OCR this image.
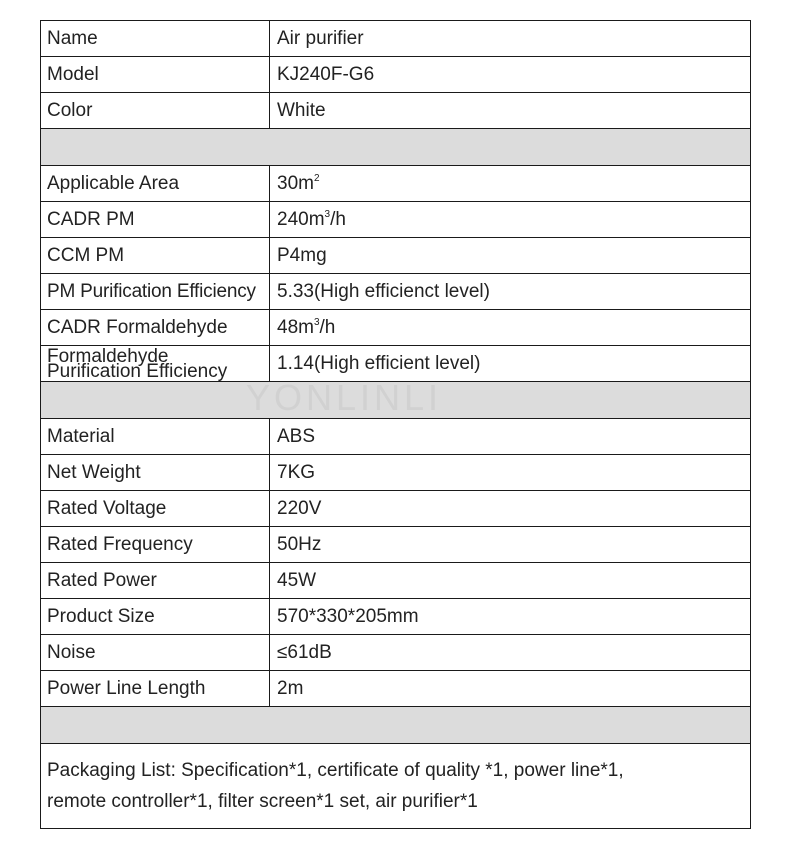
Name	Air purifier
Model	KJ240F-G6
Color	White

Applicable Area	$30m^2$
CADR PM	$240m^3/h$
CCM PM	P4mg
PM Purification Efficiency	5.33(High efficienct level)
CADR Formaldehyde	$48m^3/h$
Formaldehyde
Purification Efficiency	1.14(High efficient level)

Material	ABS
Net Weight	7KG
Rated Voltage	220V
Rated Frequency	50Hz
Rated Power	45W
Product Size	570*330*205mm
Noise	≤61dB
Power Line Length	2m

Packaging List: Specification*1, certificate of quality *1, power line*1,
remote controller*1, filter screen*1 set, air purifier*1	
YONLINLI
